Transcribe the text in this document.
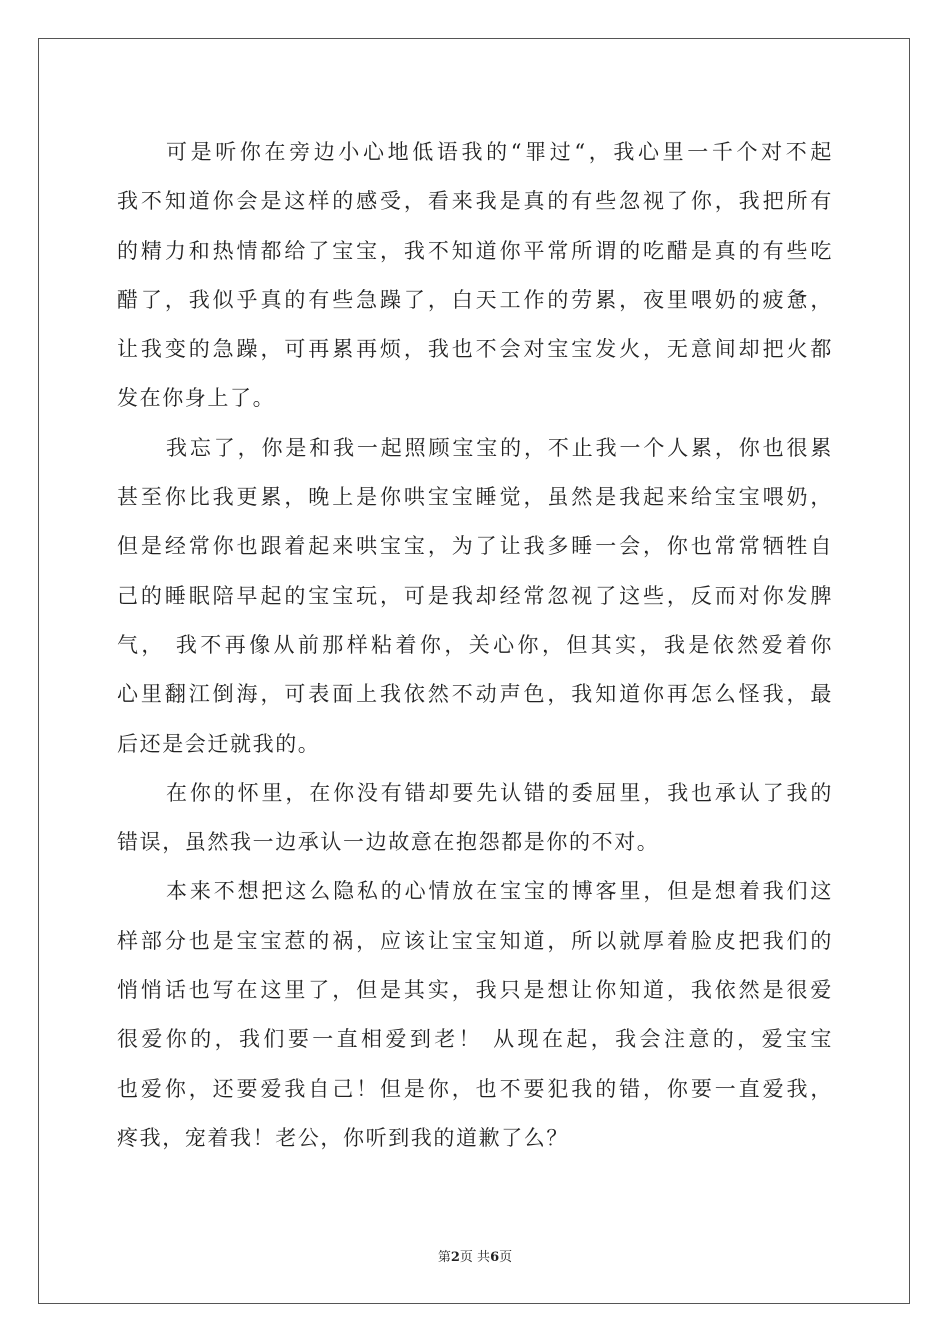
可是听你在旁边小心地低语我的“罪过“，我心里一千个对不起
我不知道你会是这样的感受，看来我是真的有些忽视了你，我把所有
的精力和热情都给了宝宝，我不知道你平常所谓的吃醋是真的有些吃
醋了，我似乎真的有些急躁了，白天工作的劳累，夜里喂奶的疲惫，
让我变的急躁，可再累再烦，我也不会对宝宝发火，无意间却把火都
发在你身上了。
我忘了，你是和我一起照顾宝宝的，不止我一个人累，你也很累
甚至你比我更累，晚上是你哄宝宝睡觉，虽然是我起来给宝宝喂奶，
但是经常你也跟着起来哄宝宝，为了让我多睡一会，你也常常牺牲自
己的睡眠陪早起的宝宝玩，可是我却经常忽视了这些，反而对你发脾
气， 我不再像从前那样粘着你，关心你，但其实，我是依然爱着你
心里翻江倒海，可表面上我依然不动声色，我知道你再怎么怪我，最
后还是会迁就我的。
在你的怀里，在你没有错却要先认错的委屈里，我也承认了我的
错误，虽然我一边承认一边故意在抱怨都是你的不对。
本来不想把这么隐私的心情放在宝宝的博客里，但是想着我们这
样部分也是宝宝惹的祸，应该让宝宝知道，所以就厚着脸皮把我们的
悄悄话也写在这里了，但是其实，我只是想让你知道，我依然是很爱
很爱你的，我们要一直相爱到老！ 从现在起，我会注意的，爱宝宝
也爱你，还要爱我自己！但是你，也不要犯我的错，你要一直爱我，
疼我，宠着我！老公，你听到我的道歉了么？
第2页 共6页
